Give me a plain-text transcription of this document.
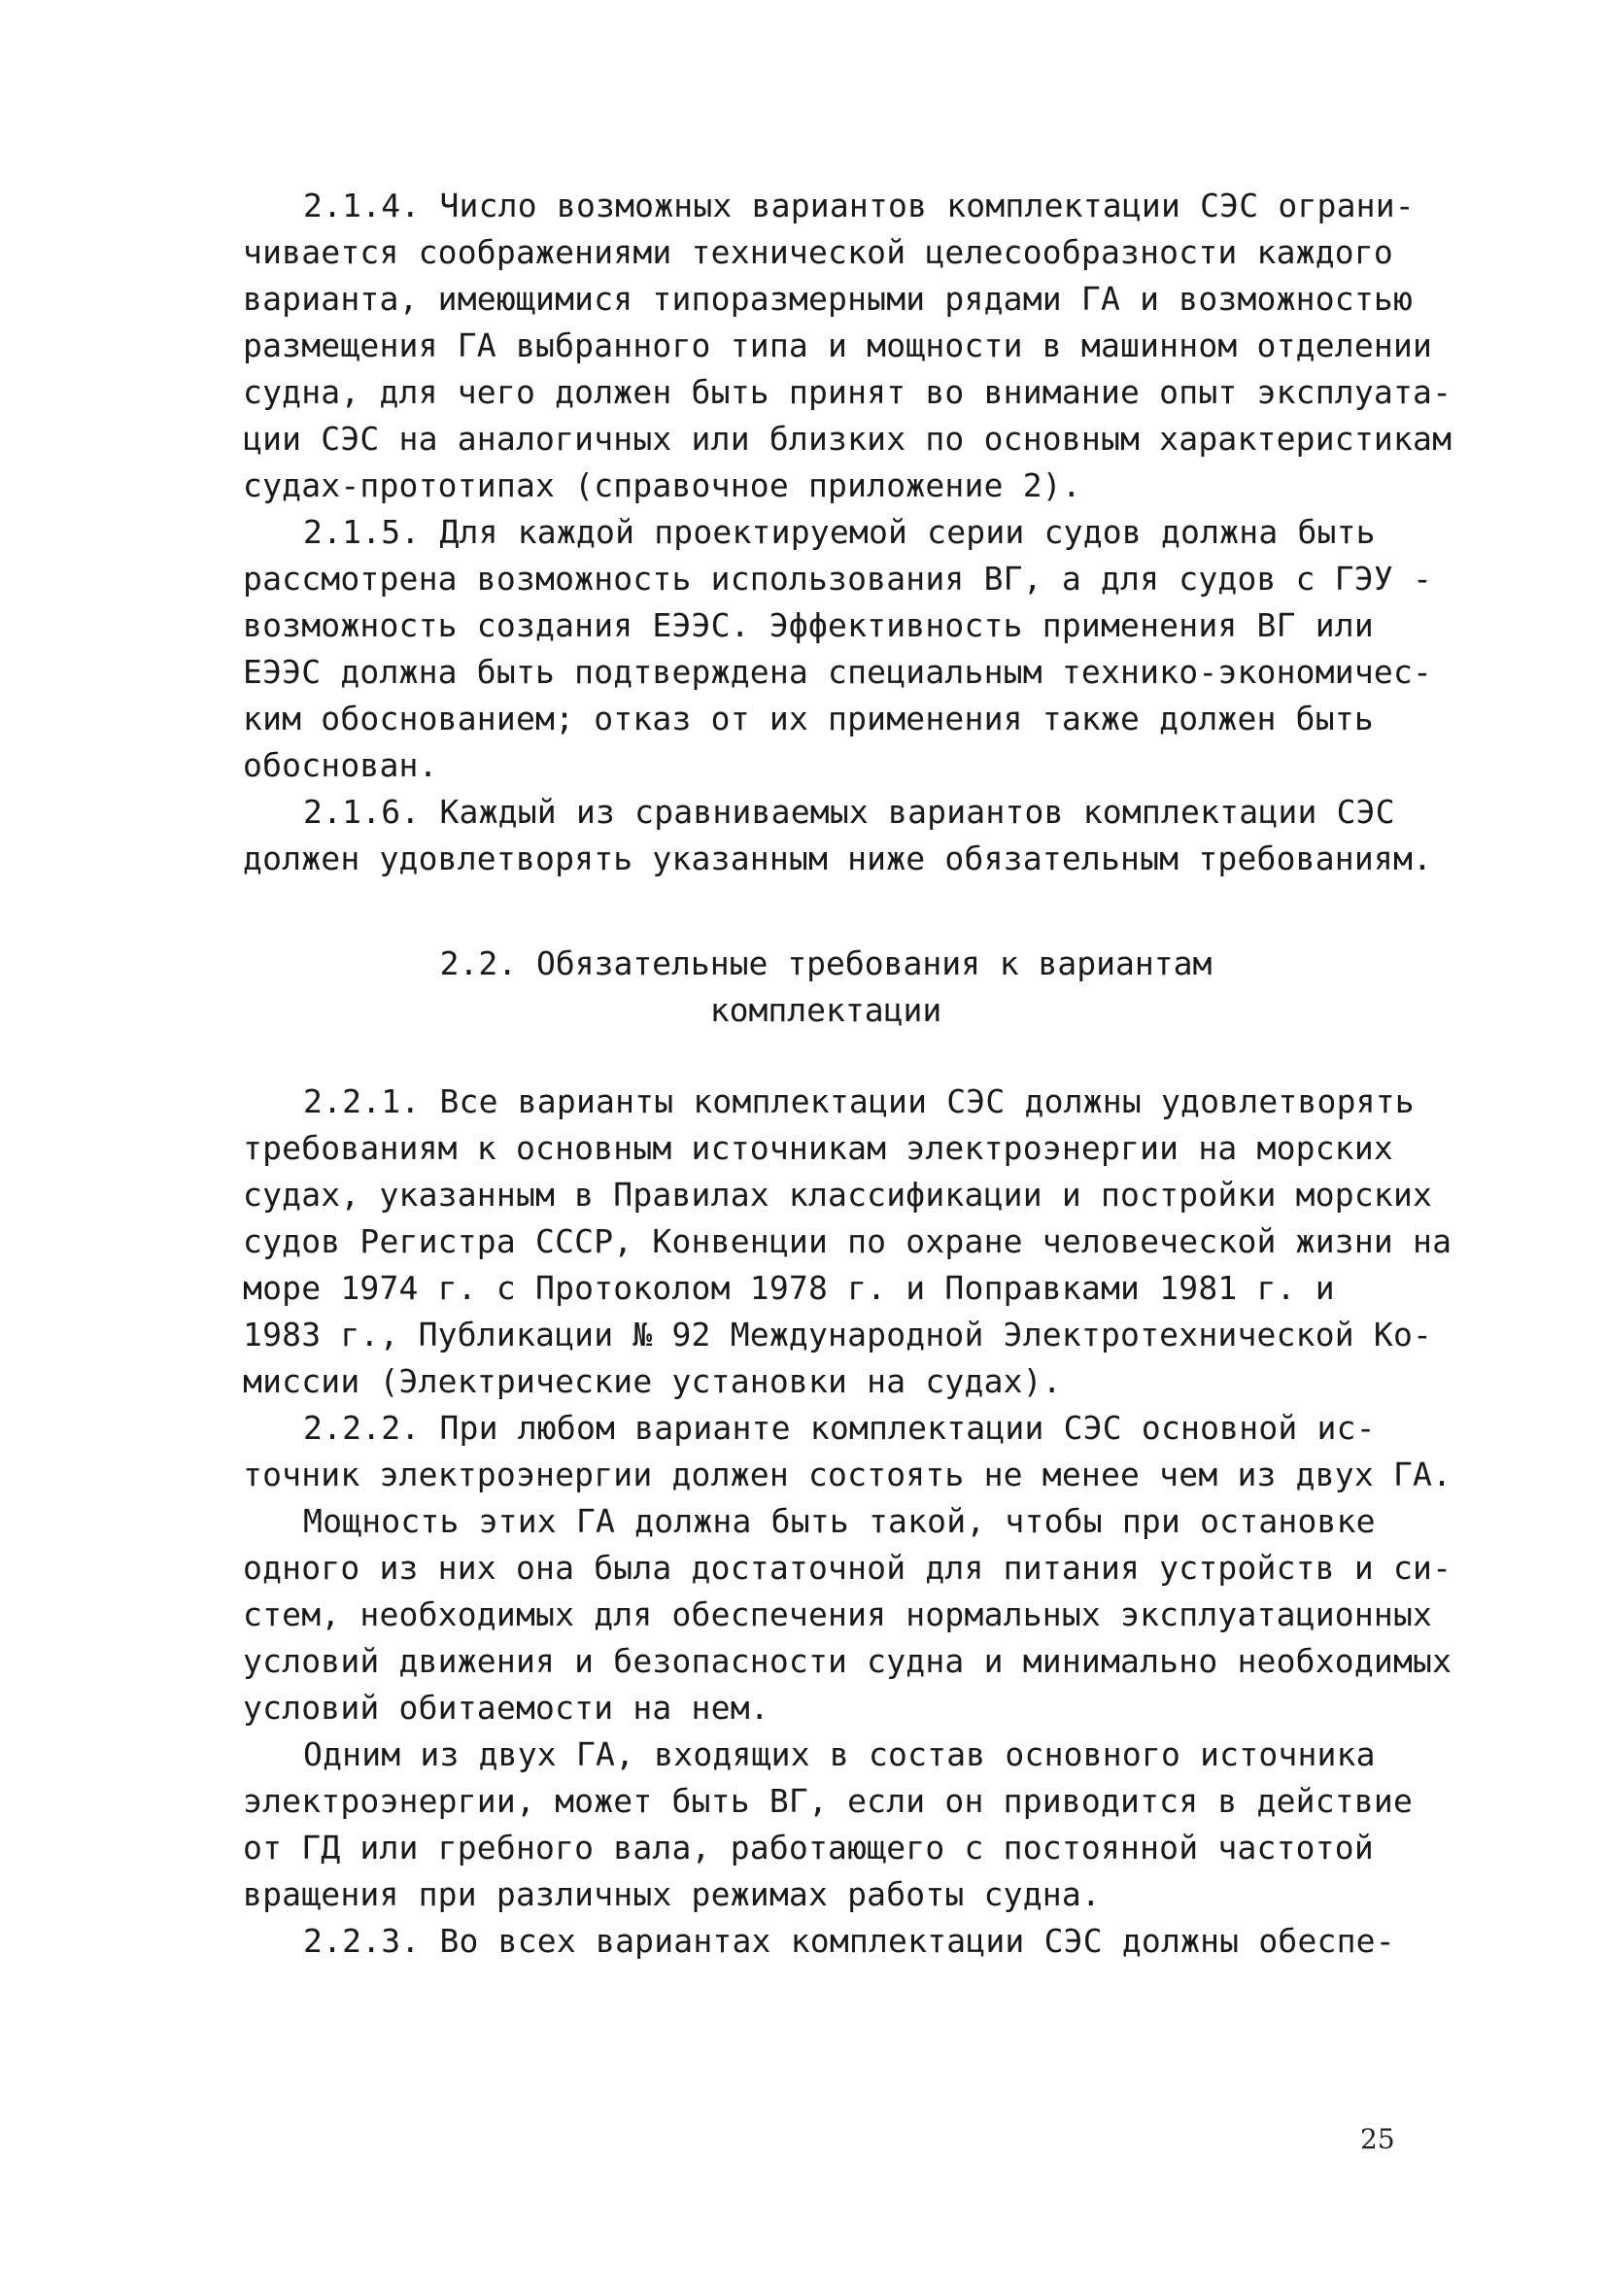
2.1.4. Число возможных вариантов комплектации СЭС ограни-
чивается соображениями технической целесообразности каждого
варианта, имеющимися типоразмерными рядами ГА и возможностью
размещения ГА выбранного типа и мощности в машинном отделении
судна, для чего должен быть принят во внимание опыт эксплуата-
ции СЭС на аналогичных или близких по основным характеристикам
судах-прототипах (справочное приложение 2).
2.1.5. Для каждой проектируемой серии судов должна быть
рассмотрена возможность использования ВГ, а для судов с ГЭУ -
возможность создания ЕЭЭС. Эффективность применения ВГ или
ЕЭЭС должна быть подтверждена специальным технико-экономичес-
ким обоснованием; отказ от их применения также должен быть
обоснован.
2.1.6. Каждый из сравниваемых вариантов комплектации СЭС
должен удовлетворять указанным ниже обязательным требованиям.
2.2. Обязательные требования к вариантам
комплектации
2.2.1. Все варианты комплектации СЭС должны удовлетворять
требованиям к основным источникам электроэнергии на морских
судах, указанным в Правилах классификации и постройки морских
судов Регистра СССР, Конвенции по охране человеческой жизни на
море 1974 г. с Протоколом 1978 г. и Поправками 1981 г. и
1983 г., Публикации № 92 Международной Электротехнической Ко-
миссии (Электрические установки на судах).
2.2.2. При любом варианте комплектации СЭС основной ис-
точник электроэнергии должен состоять не менее чем из двух ГА.
Мощность этих ГА должна быть такой, чтобы при остановке
одного из них она была достаточной для питания устройств и си-
стем, необходимых для обеспечения нормальных эксплуатационных
условий движения и безопасности судна и минимально необходимых
условий обитаемости на нем.
Одним из двух ГА, входящих в состав основного источника
электроэнергии, может быть ВГ, если он приводится в действие
от ГД или гребного вала, работающего с постоянной частотой
вращения при различных режимах работы судна.
2.2.3. Во всех вариантах комплектации СЭС должны обеспе-
25
